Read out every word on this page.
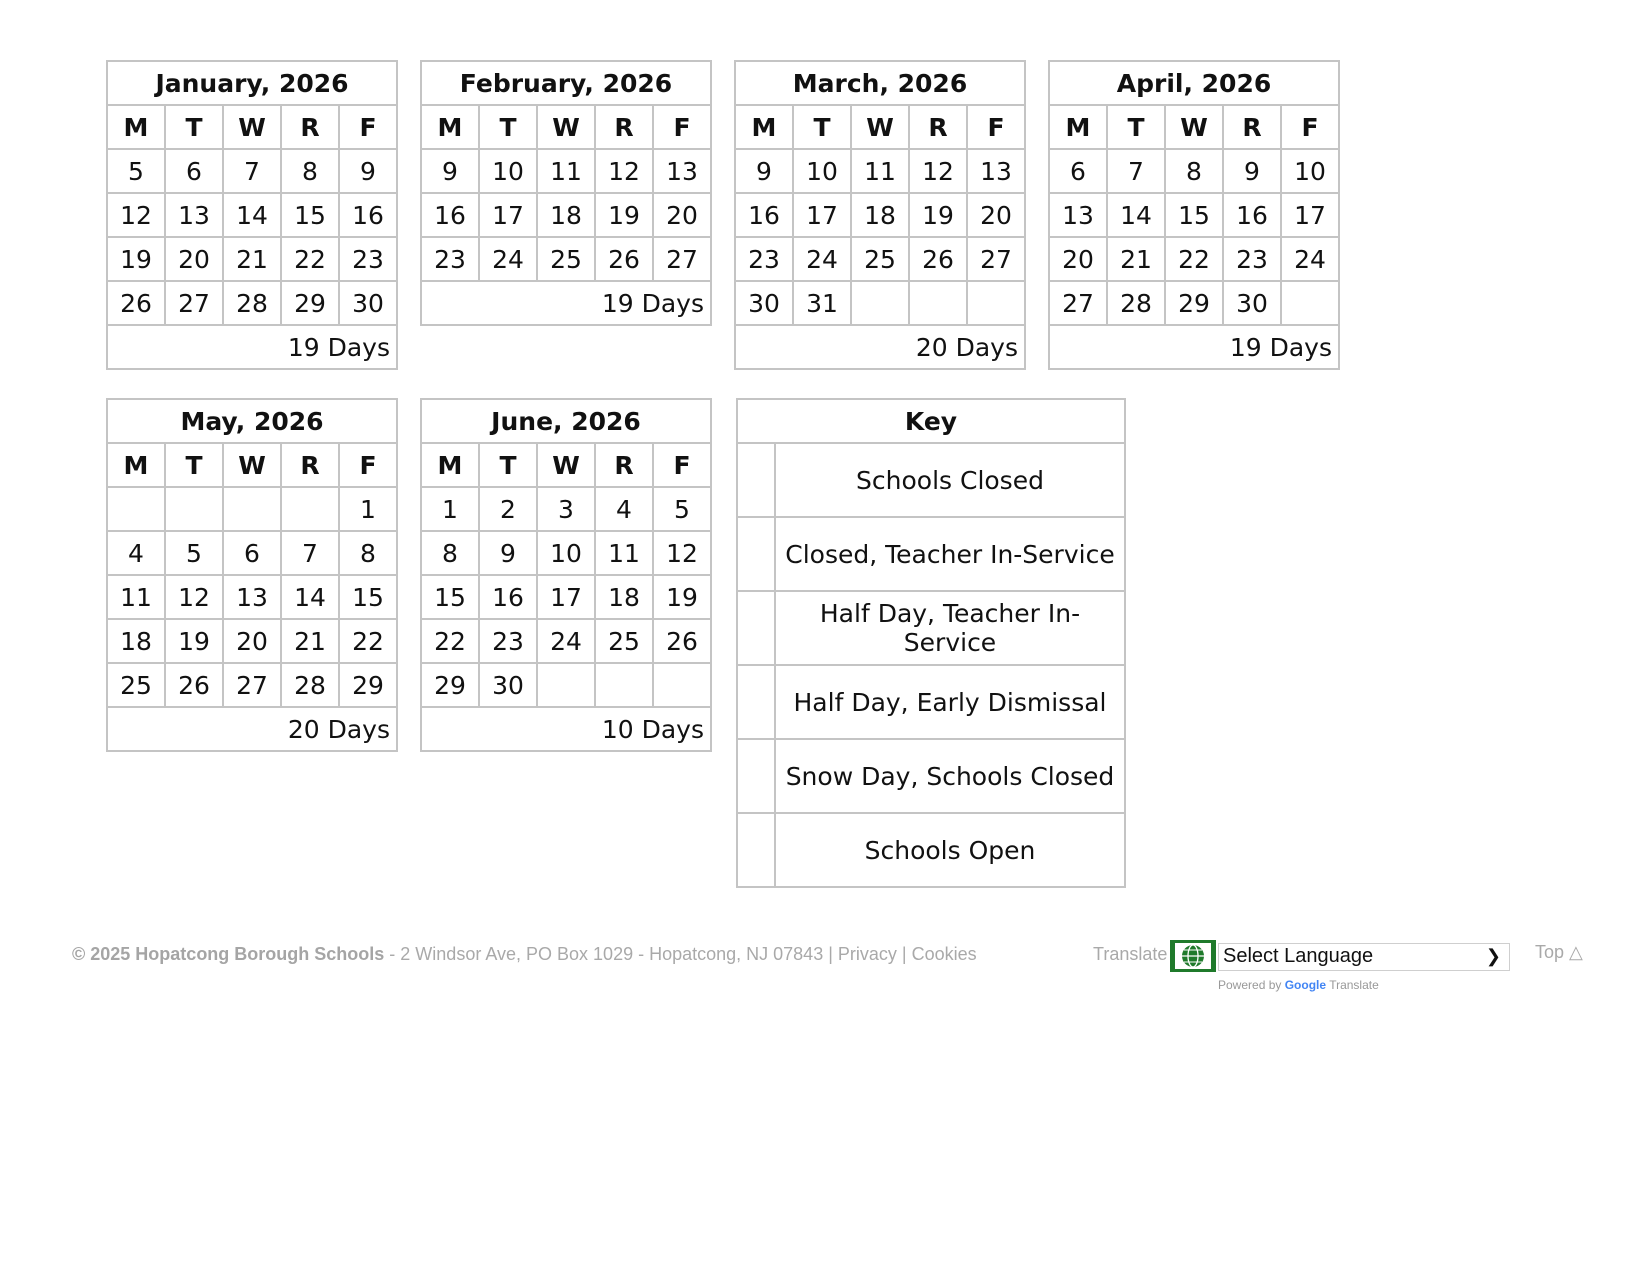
January, 2026				
M	T	W	R	F
5	6	7	8	9
12	13	14	15	16
19	20	21	22	23
26	27	28	29	30
19 Days				
February, 2026				
M	T	W	R	F
9	10	11	12	13
16	17	18	19	20
23	24	25	26	27
19 Days				
March, 2026				
M	T	W	R	F
9	10	11	12	13
16	17	18	19	20
23	24	25	26	27
30	31			
20 Days				
April, 2026				
M	T	W	R	F
6	7	8	9	10
13	14	15	16	17
20	21	22	23	24
27	28	29	30	
19 Days				
May, 2026				
M	T	W	R	F
				1
4	5	6	7	8
11	12	13	14	15
18	19	20	21	22
25	26	27	28	29
20 Days				
June, 2026				
M	T	W	R	F
1	2	3	4	5
8	9	10	11	12
15	16	17	18	19
22	23	24	25	26
29	30			
10 Days				
Key	
	Schools Closed
	Closed, Teacher In-Service
	Half Day, Teacher In-Service
	Half Day, Early Dismissal
	Snow Day, Schools Closed
	Schools Open
© 2025 Hopatcong Borough Schools - 2 Windsor Ave, PO Box 1029 - Hopatcong, NJ 07843 | Privacy | Cookies	Translate	Select Language	❯
Powered by Google Translate
Top △
